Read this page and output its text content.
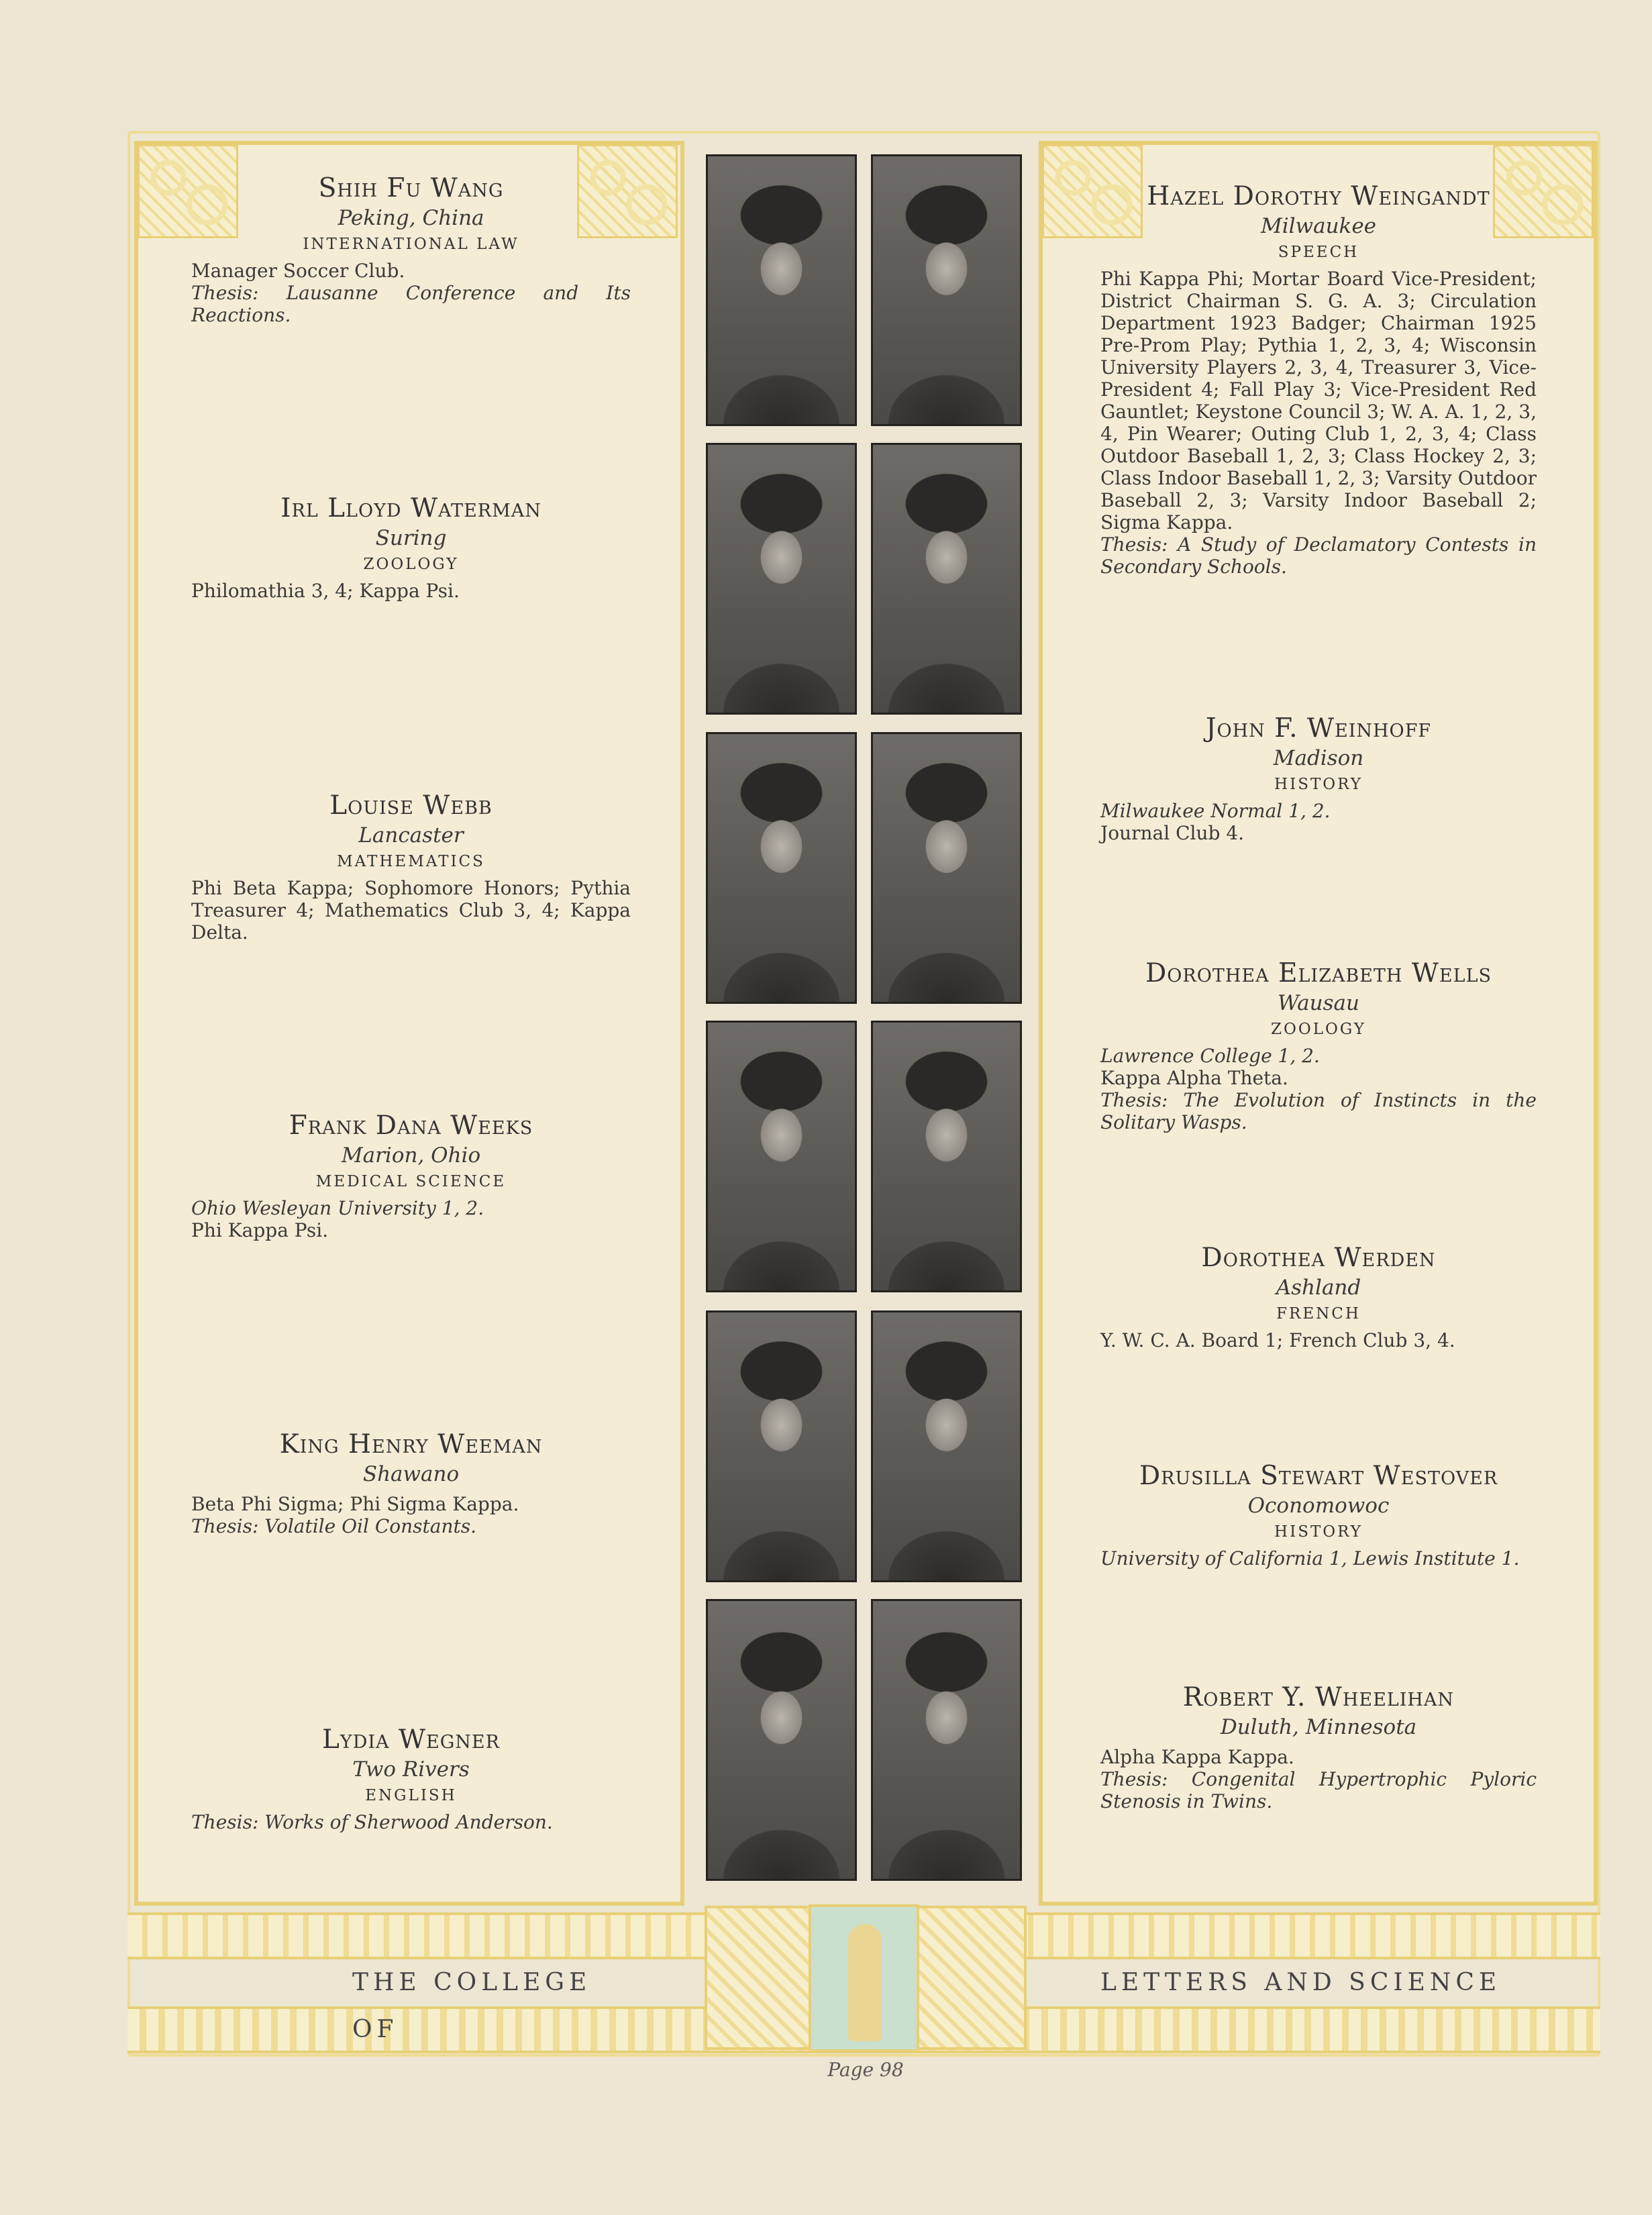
Shih Fu Wang
Peking, China
INTERNATIONAL LAW
Manager Soccer Club.
Thesis: Lausanne Conference and Its Reactions.
Irl Lloyd Waterman
Suring
ZOOLOGY
Philomathia 3, 4; Kappa Psi.
Louise Webb
Lancaster
MATHEMATICS
Phi Beta Kappa; Sophomore Honors; Pythia Treasurer 4; Mathematics Club 3, 4; Kappa Delta.
Frank Dana Weeks
Marion, Ohio
MEDICAL SCIENCE
Ohio Wesleyan University 1, 2.
Phi Kappa Psi.
King Henry Weeman
Shawano
Beta Phi Sigma; Phi Sigma Kappa.
Thesis: Volatile Oil Constants.
Lydia Wegner
Two Rivers
ENGLISH
Thesis: Works of Sherwood Anderson.
Hazel Dorothy Weingandt
Milwaukee
SPEECH
Phi Kappa Phi; Mortar Board Vice-President; District Chairman S. G. A. 3; Circulation Department 1923 Badger; Chairman 1925 Pre-Prom Play; Pythia 1, 2, 3, 4; Wisconsin University Players 2, 3, 4, Treasurer 3, Vice-President 4; Fall Play 3; Vice-President Red Gauntlet; Keystone Council 3; W. A. A. 1, 2, 3, 4, Pin Wearer; Outing Club 1, 2, 3, 4; Class Outdoor Baseball 1, 2, 3; Class Hockey 2, 3; Class Indoor Baseball 1, 2, 3; Varsity Outdoor Baseball 2, 3; Varsity Indoor Baseball 2; Sigma Kappa.
Thesis: A Study of Declamatory Contests in Secondary Schools.
John F. Weinhoff
Madison
HISTORY
Milwaukee Normal 1, 2.
Journal Club 4.
Dorothea Elizabeth Wells
Wausau
ZOOLOGY
Lawrence College 1, 2.
Kappa Alpha Theta.
Thesis: The Evolution of Instincts in the Solitary Wasps.
Dorothea Werden
Ashland
FRENCH
Y. W. C. A. Board 1; French Club 3, 4.
Drusilla Stewart Westover
Oconomowoc
HISTORY
University of California 1, Lewis Institute 1.
Robert Y. Wheelihan
Duluth, Minnesota
Alpha Kappa Kappa.
Thesis: Congenital Hypertrophic Pyloric Stenosis in Twins.
THE COLLEGE OF
LETTERS AND SCIENCE
Page 98
